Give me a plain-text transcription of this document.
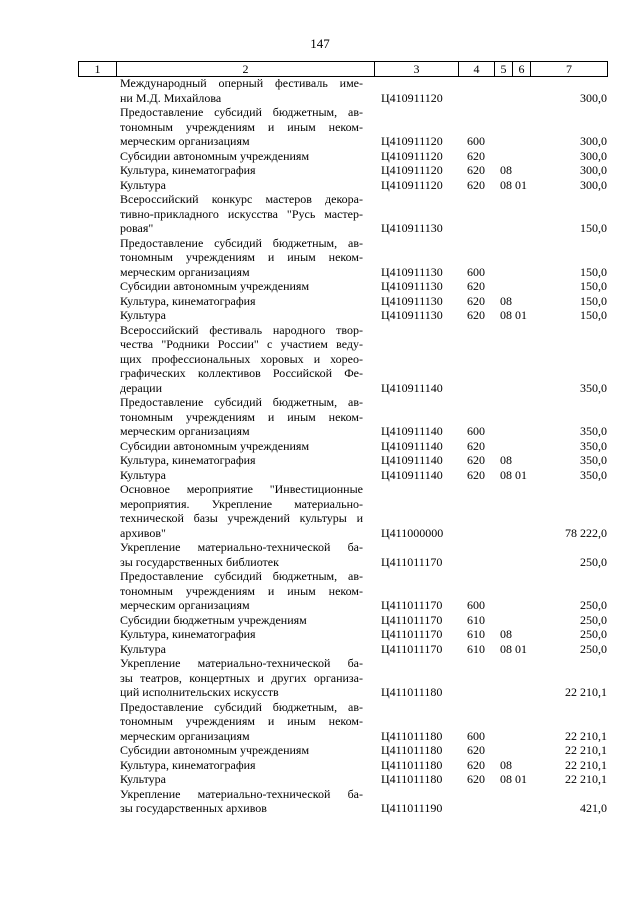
147
1	2	3	4	5	6	7
Международный оперный фестиваль име-
ни М.Д. Михайлова	Ц410911120	300,0
Предоставление субсидий бюджетным, ав-
тономным учреждениям и иным неком-
мерческим организациям	Ц410911120 600	300,0
Субсидии автономным учреждениям	Ц410911120 620	300,0
Культура, кинематография	Ц410911120 620 08	300,0
Культура	Ц410911120 620 08 01	300,0
Всероссийский конкурс мастеров декора-
тивно-прикладного искусства "Русь мастер-
ровая"	Ц410911130	150,0
Предоставление субсидий бюджетным, ав-
тономным учреждениям и иным неком-
мерческим организациям	Ц410911130 600	150,0
Субсидии автономным учреждениям	Ц410911130 620	150,0
Культура, кинематография	Ц410911130 620 08	150,0
Культура	Ц410911130 620 08 01	150,0
Всероссийский фестиваль народного твор-
чества "Родники России" с участием веду-
щих профессиональных хоровых и хорео-
графических коллективов Российской Фе-
дерации	Ц410911140	350,0
Предоставление субсидий бюджетным, ав-
тономным учреждениям и иным неком-
мерческим организациям	Ц410911140 600	350,0
Субсидии автономным учреждениям	Ц410911140 620	350,0
Культура, кинематография	Ц410911140 620 08	350,0
Культура	Ц410911140 620 08 01	350,0
Основное мероприятие "Инвестиционные
мероприятия. Укрепление материально-
технической базы учреждений культуры и
архивов"	Ц411000000	78 222,0
Укрепление материально-технической ба-
зы государственных библиотек	Ц411011170	250,0
Предоставление субсидий бюджетным, ав-
тономным учреждениям и иным неком-
мерческим организациям	Ц411011170 600	250,0
Субсидии бюджетным учреждениям	Ц411011170 610	250,0
Культура, кинематография	Ц411011170 610 08	250,0
Культура	Ц411011170 610 08 01	250,0
Укрепление материально-технической ба-
зы театров, концертных и других организа-
ций исполнительских искусств	Ц411011180	22 210,1
Предоставление субсидий бюджетным, ав-
тономным учреждениям и иным неком-
мерческим организациям	Ц411011180 600	22 210,1
Субсидии автономным учреждениям	Ц411011180 620	22 210,1
Культура, кинематография	Ц411011180 620 08	22 210,1
Культура	Ц411011180 620 08 01	22 210,1
Укрепление материально-технической ба-
зы государственных архивов	Ц411011190	421,0
